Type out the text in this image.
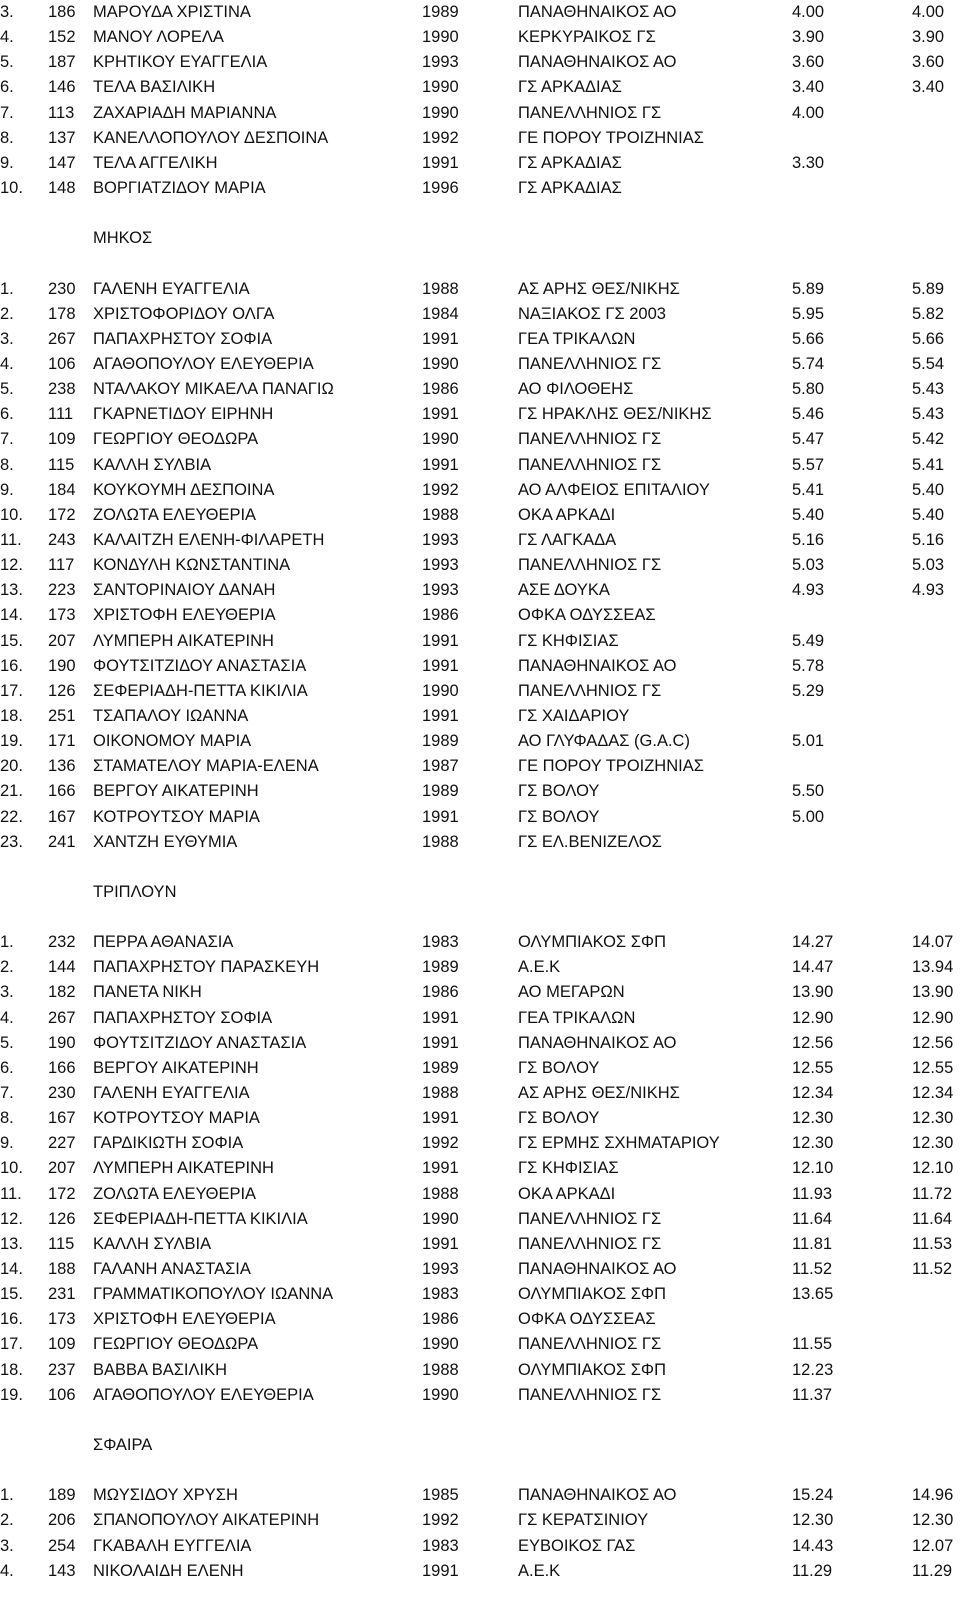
3. 186 ΜΑΡΟΥΔΑ ΧΡΙΣΤΙΝΑ	1989	ΠΑΝΑΘΗΝΑΙΚΟΣ ΑΟ	4.00	4.00
4. 152 ΜΑΝΟΥ ΛΟΡΕΛΑ	1990	ΚΕΡΚΥΡΑΙΚΟΣ ΓΣ	3.90	3.90
5. 187 ΚΡΗΤΙΚΟΥ ΕΥΑΓΓΕΛΙΑ	1993	ΠΑΝΑΘΗΝΑΙΚΟΣ ΑΟ	3.60	3.60
6. 146 ΤΕΛΑ ΒΑΣΙΛΙΚΗ	1990	ΓΣ ΑΡΚΑΔΙΑΣ	3.40	3.40
7. 113 ΖΑΧΑΡΙΑΔΗ ΜΑΡΙΑΝΝΑ	1990	ΠΑΝΕΛΛΗΝΙΟΣ ΓΣ	4.00
8. 137 ΚΑΝΕΛΛΟΠΟΥΛΟΥ ΔΕΣΠΟΙΝΑ	1992	ΓΕ ΠΟΡΟΥ ΤΡΟΙΖΗΝΙΑΣ
9. 147 ΤΕΛΑ ΑΓΓΕΛΙΚΗ	1991	ΓΣ ΑΡΚΑΔΙΑΣ	3.30
10. 148 ΒΟΡΓΙΑΤΖΙΔΟΥ ΜΑΡΙΑ	1996	ΓΣ ΑΡΚΑΔΙΑΣ
ΜΗΚΟΣ
1. 230 ΓΑΛΕΝΗ ΕΥΑΓΓΕΛΙΑ	1988	ΑΣ ΑΡΗΣ ΘΕΣ/ΝΙΚΗΣ	5.89	5.89
2. 178 ΧΡΙΣΤΟΦΟΡΙΔΟΥ ΟΛΓΑ	1984	ΝΑΞΙΑΚΟΣ ΓΣ 2003	5.95	5.82
3. 267 ΠΑΠΑΧΡΗΣΤΟΥ ΣΟΦΙΑ	1991	ΓΕΑ ΤΡΙΚΑΛΩΝ	5.66	5.66
4. 106 ΑΓΑΘΟΠΟΥΛΟΥ ΕΛΕΥΘΕΡΙΑ	1990	ΠΑΝΕΛΛΗΝΙΟΣ ΓΣ	5.74	5.54
5. 238 ΝΤΑΛΑΚΟΥ ΜΙΚΑΕΛΑ ΠΑΝΑΓΙΩ	1986	ΑΟ ΦΙΛΟΘΕΗΣ	5.80	5.43
6. 111 ΓΚΑΡΝΕΤΙΔΟΥ ΕΙΡΗΝΗ	1991	ΓΣ ΗΡΑΚΛΗΣ ΘΕΣ/ΝΙΚΗΣ	5.46	5.43
7. 109 ΓΕΩΡΓΙΟΥ ΘΕΟΔΩΡΑ	1990	ΠΑΝΕΛΛΗΝΙΟΣ ΓΣ	5.47	5.42
8. 115 ΚΑΛΛΗ ΣΥΛΒΙΑ	1991	ΠΑΝΕΛΛΗΝΙΟΣ ΓΣ	5.57	5.41
9. 184 ΚΟΥΚΟΥΜΗ ΔΕΣΠΟΙΝΑ	1992	ΑΟ ΑΛΦΕΙΟΣ ΕΠΙΤΑΛΙΟΥ	5.41	5.40
10. 172 ΖΟΛΩΤΑ ΕΛΕΥΘΕΡΙΑ	1988	ΟΚΑ ΑΡΚΑΔΙ	5.40	5.40
11. 243 ΚΑΛΑΙΤΖΗ ΕΛΕΝΗ-ΦΙΛΑΡΕΤΗ	1993	ΓΣ ΛΑΓΚΑΔΑ	5.16	5.16
12. 117 ΚΟΝΔΥΛΗ ΚΩΝΣΤΑΝΤΙΝΑ	1993	ΠΑΝΕΛΛΗΝΙΟΣ ΓΣ	5.03	5.03
13. 223 ΣΑΝΤΟΡΙΝΑΙΟΥ ΔΑΝΑΗ	1993	ΑΣΕ ΔΟΥΚΑ	4.93	4.93
14. 173 ΧΡΙΣΤΟΦΗ ΕΛΕΥΘΕΡΙΑ	1986	ΟΦΚΑ ΟΔΥΣΣΕΑΣ
15. 207 ΛΥΜΠΕΡΗ ΑΙΚΑΤΕΡΙΝΗ	1991	ΓΣ ΚΗΦΙΣΙΑΣ	5.49
16. 190 ΦΟΥΤΣΙΤΖΙΔΟΥ ΑΝΑΣΤΑΣΙΑ	1991	ΠΑΝΑΘΗΝΑΙΚΟΣ ΑΟ	5.78
17. 126 ΣΕΦΕΡΙΑΔΗ-ΠΕΤΤΑ ΚΙΚΙΛΙΑ	1990	ΠΑΝΕΛΛΗΝΙΟΣ ΓΣ	5.29
18. 251 ΤΣΑΠΑΛΟΥ ΙΩΑΝΝΑ	1991	ΓΣ ΧΑΙΔΑΡΙΟΥ
19. 171 ΟΙΚΟΝΟΜΟΥ ΜΑΡΙΑ	1989	ΑΟ ΓΛΥΦΑΔΑΣ (G.A.C)	5.01
20. 136 ΣΤΑΜΑΤΕΛΟΥ ΜΑΡΙΑ-ΕΛΕΝΑ	1987	ΓΕ ΠΟΡΟΥ ΤΡΟΙΖΗΝΙΑΣ
21. 166 ΒΕΡΓΟΥ ΑΙΚΑΤΕΡΙΝΗ	1989	ΓΣ ΒΟΛΟΥ	5.50
22. 167 ΚΟΤΡΟΥΤΣΟΥ ΜΑΡΙΑ	1991	ΓΣ ΒΟΛΟΥ	5.00
23. 241 ΧΑΝΤΖΗ ΕΥΘΥΜΙΑ	1988	ΓΣ ΕΛ.ΒΕΝΙΖΕΛΟΣ
ΤΡΙΠΛΟΥΝ
1. 232 ΠΕΡΡΑ ΑΘΑΝΑΣΙΑ	1983	ΟΛΥΜΠΙΑΚΟΣ ΣΦΠ	14.27	14.07
2. 144 ΠΑΠΑΧΡΗΣΤΟΥ ΠΑΡΑΣΚΕΥΗ	1989	Α.Ε.Κ	14.47	13.94
3. 182 ΠΑΝΕΤΑ ΝΙΚΗ	1986	ΑΟ ΜΕΓΑΡΩΝ	13.90	13.90
4. 267 ΠΑΠΑΧΡΗΣΤΟΥ ΣΟΦΙΑ	1991	ΓΕΑ ΤΡΙΚΑΛΩΝ	12.90	12.90
5. 190 ΦΟΥΤΣΙΤΖΙΔΟΥ ΑΝΑΣΤΑΣΙΑ	1991	ΠΑΝΑΘΗΝΑΙΚΟΣ ΑΟ	12.56	12.56
6. 166 ΒΕΡΓΟΥ ΑΙΚΑΤΕΡΙΝΗ	1989	ΓΣ ΒΟΛΟΥ	12.55	12.55
7. 230 ΓΑΛΕΝΗ ΕΥΑΓΓΕΛΙΑ	1988	ΑΣ ΑΡΗΣ ΘΕΣ/ΝΙΚΗΣ	12.34	12.34
8. 167 ΚΟΤΡΟΥΤΣΟΥ ΜΑΡΙΑ	1991	ΓΣ ΒΟΛΟΥ	12.30	12.30
9. 227 ΓΑΡΔΙΚΙΩΤΗ ΣΟΦΙΑ	1992	ΓΣ ΕΡΜΗΣ ΣΧΗΜΑΤΑΡΙΟΥ	12.30	12.30
10. 207 ΛΥΜΠΕΡΗ ΑΙΚΑΤΕΡΙΝΗ	1991	ΓΣ ΚΗΦΙΣΙΑΣ	12.10	12.10
11. 172 ΖΟΛΩΤΑ ΕΛΕΥΘΕΡΙΑ	1988	ΟΚΑ ΑΡΚΑΔΙ	11.93	11.72
12. 126 ΣΕΦΕΡΙΑΔΗ-ΠΕΤΤΑ ΚΙΚΙΛΙΑ	1990	ΠΑΝΕΛΛΗΝΙΟΣ ΓΣ	11.64	11.64
13. 115 ΚΑΛΛΗ ΣΥΛΒΙΑ	1991	ΠΑΝΕΛΛΗΝΙΟΣ ΓΣ	11.81	11.53
14. 188 ΓΑΛΑΝΗ ΑΝΑΣΤΑΣΙΑ	1993	ΠΑΝΑΘΗΝΑΙΚΟΣ ΑΟ	11.52	11.52
15. 231 ΓΡΑΜΜΑΤΙΚΟΠΟΥΛΟΥ ΙΩΑΝΝΑ	1983	ΟΛΥΜΠΙΑΚΟΣ ΣΦΠ	13.65
16. 173 ΧΡΙΣΤΟΦΗ ΕΛΕΥΘΕΡΙΑ	1986	ΟΦΚΑ ΟΔΥΣΣΕΑΣ
17. 109 ΓΕΩΡΓΙΟΥ ΘΕΟΔΩΡΑ	1990	ΠΑΝΕΛΛΗΝΙΟΣ ΓΣ	11.55
18. 237 ΒΑΒΒΑ ΒΑΣΙΛΙΚΗ	1988	ΟΛΥΜΠΙΑΚΟΣ ΣΦΠ	12.23
19. 106 ΑΓΑΘΟΠΟΥΛΟΥ ΕΛΕΥΘΕΡΙΑ	1990	ΠΑΝΕΛΛΗΝΙΟΣ ΓΣ	11.37
ΣΦΑΙΡΑ
1. 189 ΜΩΥΣΙΔΟΥ ΧΡΥΣΗ	1985	ΠΑΝΑΘΗΝΑΙΚΟΣ ΑΟ	15.24	14.96
2. 206 ΣΠΑΝΟΠΟΥΛΟΥ ΑΙΚΑΤΕΡΙΝΗ	1992	ΓΣ ΚΕΡΑΤΣΙΝΙΟΥ	12.30	12.30
3. 254 ΓΚΑΒΑΛΗ ΕΥΓΓΕΛΙΑ	1983	ΕΥΒΟΙΚΟΣ ΓΑΣ	14.43	12.07
4. 143 ΝΙΚΟΛΑΙΔΗ ΕΛΕΝΗ	1991	Α.Ε.Κ	11.29	11.29
